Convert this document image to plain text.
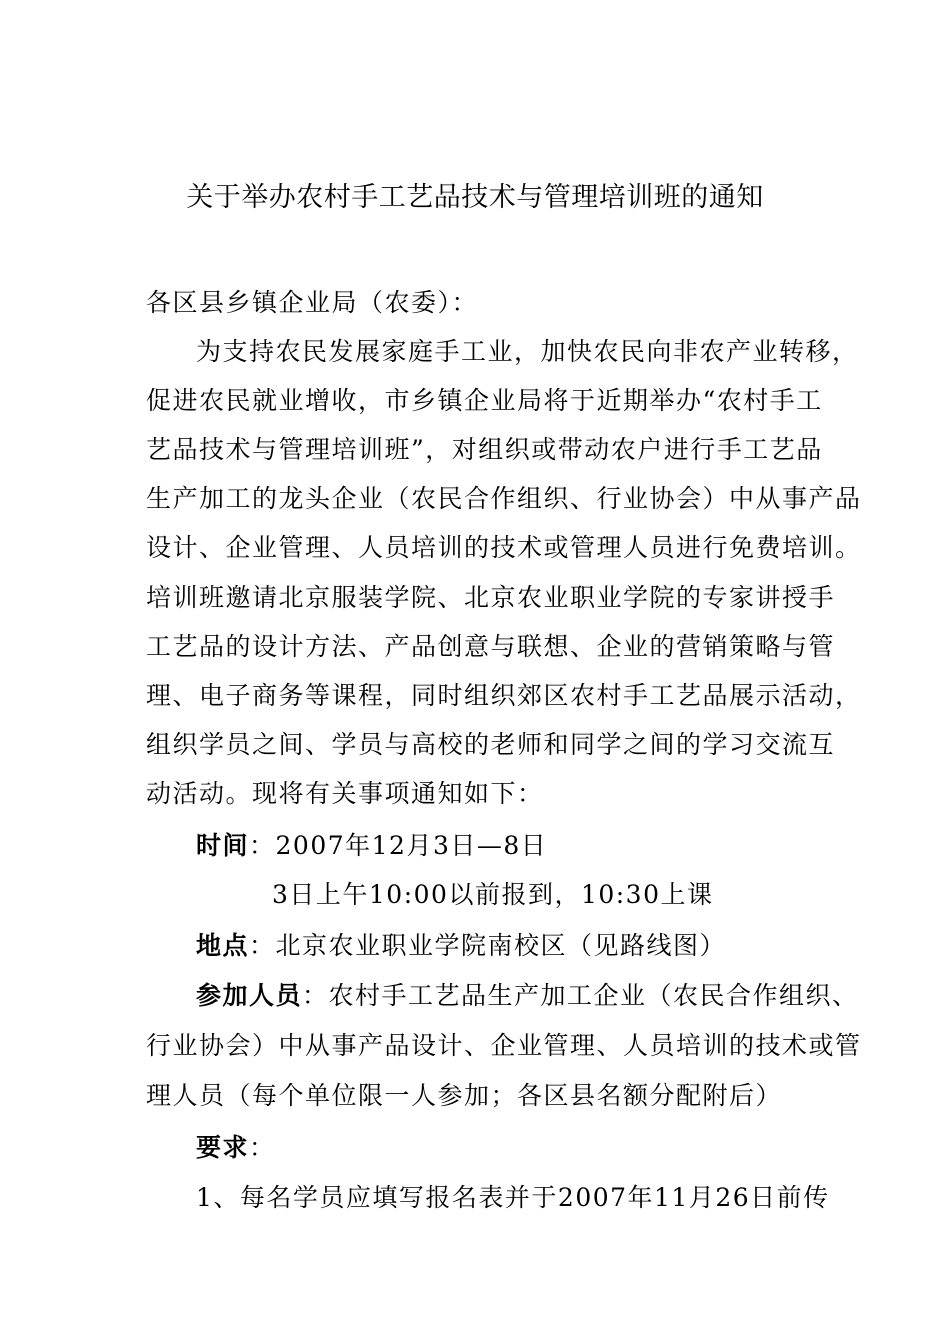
关于举办农村手工艺品技术与管理培训班的通知
各区县乡镇企业局（农委）：
为支持农民发展家庭手工业，加快农民向非农产业转移，
促进农民就业增收，市乡镇企业局将于近期举办“农村手工
艺品技术与管理培训班”，对组织或带动农户进行手工艺品
生产加工的龙头企业（农民合作组织、行业协会）中从事产品
设计、企业管理、人员培训的技术或管理人员进行免费培训。
培训班邀请北京服装学院、北京农业职业学院的专家讲授手
工艺品的设计方法、产品创意与联想、企业的营销策略与管
理、电子商务等课程，同时组织郊区农村手工艺品展示活动，
组织学员之间、学员与高校的老师和同学之间的学习交流互
动活动。现将有关事项通知如下：
时间：2007年12月3日—8日
3日上午10:00以前报到，10:30上课
地点：北京农业职业学院南校区（见路线图）
参加人员：农村手工艺品生产加工企业（农民合作组织、
行业协会）中从事产品设计、企业管理、人员培训的技术或管
理人员（每个单位限一人参加；各区县名额分配附后）
要求：
1、每名学员应填写报名表并于2007年11月26日前传
